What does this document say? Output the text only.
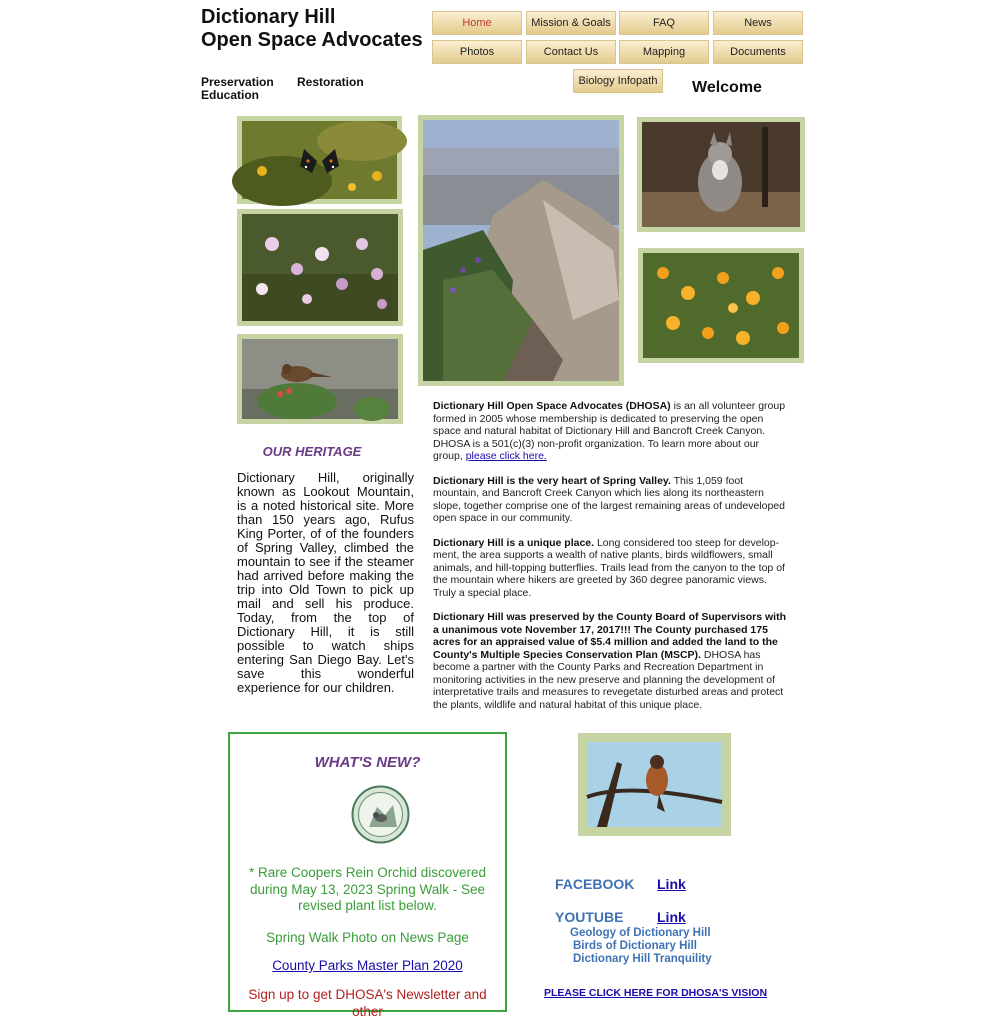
Dictionary Hill
Open Space Advocates
Preservation Restoration
Education
Home	Mission & Goals	FAQ	News
Photos	Contact Us	Mapping	Documents
Biology Infopath	Welcome
OUR HERITAGE
Dictionary Hill, originally known as Lookout Mountain, is a noted historical site. More than 150 years ago, Rufus King Porter, of of the founders of Spring Valley, climbed the mountain to see if the steamer had arrived before making the trip into Old Town to pick up mail and sell his produce. Today, from the top of Dictionary Hill, it is still possible to watch ships entering San Diego Bay. Let's save this wonderful experience for our children.

Dictionary Hill Open Space Advocates (DHOSA) is an all volunteer group formed in 2005 whose membership is dedicated to preserving the open space and natural habitat of Dictionary Hill and Bancroft Creek Canyon. DHOSA is a 501(c)(3) non-profit organization. To learn more about our group, please click here.

Dictionary Hill is the very heart of Spring Valley. This 1,059 foot mountain, and Bancroft Creek Canyon which lies along its northeastern slope, together comprise one of the largest remaining areas of undeveloped open space in our community.

Dictionary Hill is a unique place. Long considered too steep for develop-ment, the area supports a wealth of native plants, birds wildflowers, small animals, and hill-topping butterflies. Trails lead from the canyon to the top of the mountain where hikers are greeted by 360 degree panoramic views. Truly a special place.

Dictionary Hill was preserved by the County Board of Supervisors with a unanimous vote November 17, 2017!!! The County purchased 175 acres for an appraised value of $5.4 million and added the land to the County's Multiple Species Conservation Plan (MSCP). DHOSA has become a partner with the County Parks and Recreation Department in monitoring activities in the new preserve and planning the development of interpretative trails and measures to revegetate disturbed areas and protect the plants, wildlife and natural habitat of this unique place.

WHAT'S NEW?
* Rare Coopers Rein Orchid discovered during May 13, 2023 Spring Walk - See revised plant list below.
Spring Walk Photo on News Page
County Parks Master Plan 2020
Sign up to get DHOSA's Newsletter and other
FACEBOOK Link
YOUTUBE Link
Geology of Dictionary Hill
Birds of Dictionary Hill
Dictionary Hill Tranquility
PLEASE CLICK HERE FOR DHOSA'S VISION
